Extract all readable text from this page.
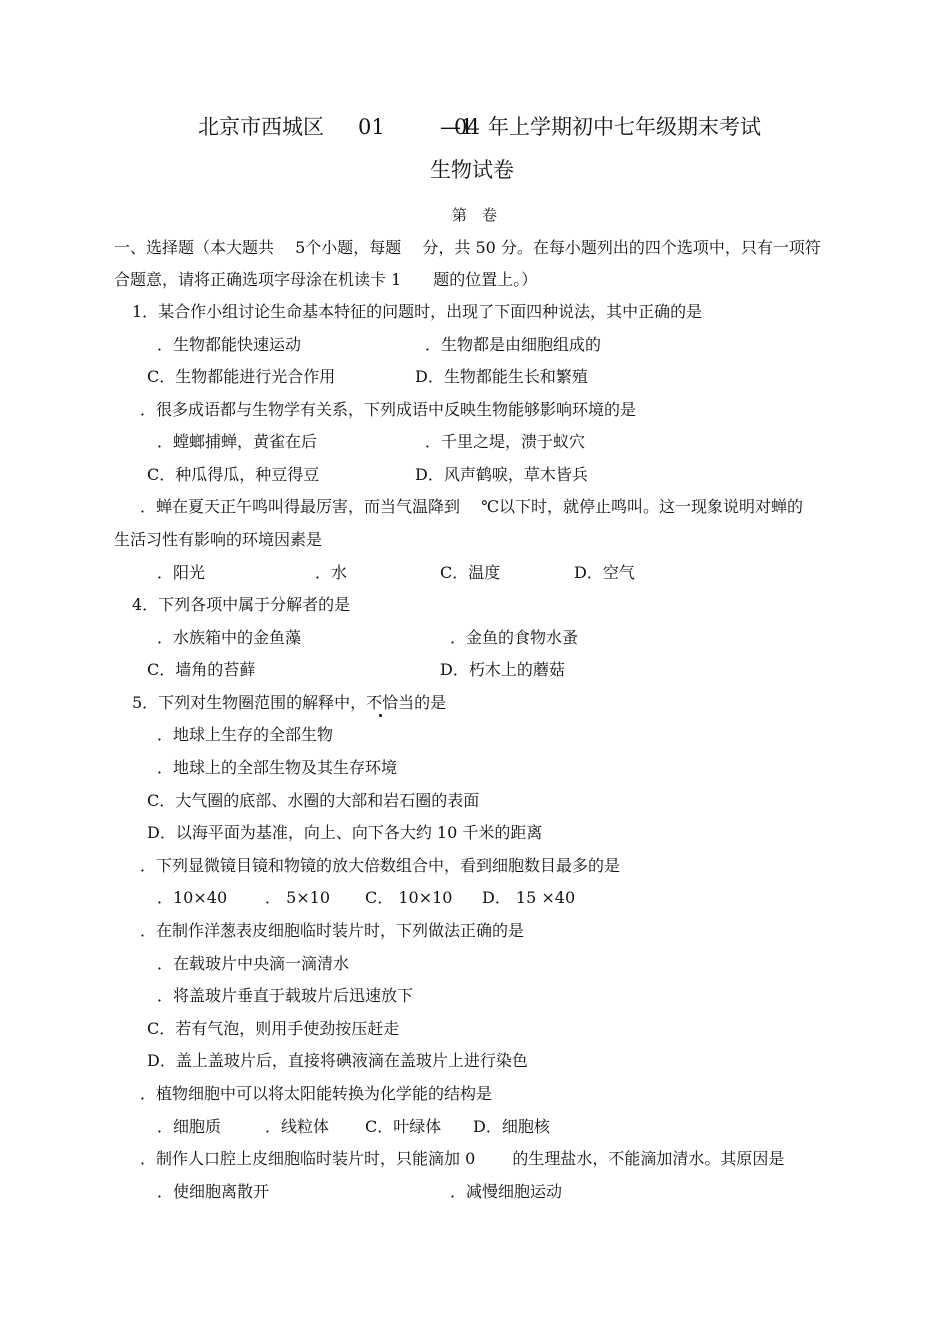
北京市西城区 01	—014 年上学期初中七年级期末考试
生物试卷
第　卷
一、选择题（本大题共　 5个小题，每题　 分，共 50 分。在每小题列出的四个选项中，只有一项符
合题意，请将正确选项字母涂在机读卡 1　　题的位置上。）
1．某合作小组讨论生命基本特征的问题时，出现了下面四种说法，其中正确的是
．生物都能快速运动	．生物都是由细胞组成的
C．生物都能进行光合作用	D．生物都能生长和繁殖
．很多成语都与生物学有关系，下列成语中反映生物能够影响环境的是
．螳螂捕蝉，黄雀在后	．千里之堤，溃于蚁穴
C．种瓜得瓜，种豆得豆	D．风声鹤唳，草木皆兵
．蝉在夏天正午鸣叫得最厉害，而当气温降到　 ℃以下时，就停止鸣叫。这一现象说明对蝉的
生活习性有影响的环境因素是
．阳光	．水	C．温度	D．空气
4．下列各项中属于分解者的是
．水族箱中的金鱼藻	．金鱼的食物水蚤
C．墙角的苔藓	D．朽木上的蘑菇
5．下列对生物圈范围的解释中，不恰当的是
．地球上生存的全部生物
．地球上的全部生物及其生存环境
C．大气圈的底部、水圈的大部和岩石圈的表面
D．以海平面为基准，向上、向下各大约 10 千米的距离
．下列显微镜目镜和物镜的放大倍数组合中，看到细胞数目最多的是
．10×40 ． 5×10 C． 10×10 D． 15 ×40
．在制作洋葱表皮细胞临时装片时，下列做法正确的是
．在载玻片中央滴一滴清水
．将盖玻片垂直于载玻片后迅速放下
C．若有气泡，则用手使劲按压赶走
D．盖上盖玻片后，直接将碘液滴在盖玻片上进行染色
．植物细胞中可以将太阳能转换为化学能的结构是
．细胞质	．线粒体 C．叶绿体 D．细胞核
．制作人口腔上皮细胞临时装片时，只能滴加 0　　 的生理盐水，不能滴加清水。其原因是
．使细胞离散开	．减慢细胞运动
